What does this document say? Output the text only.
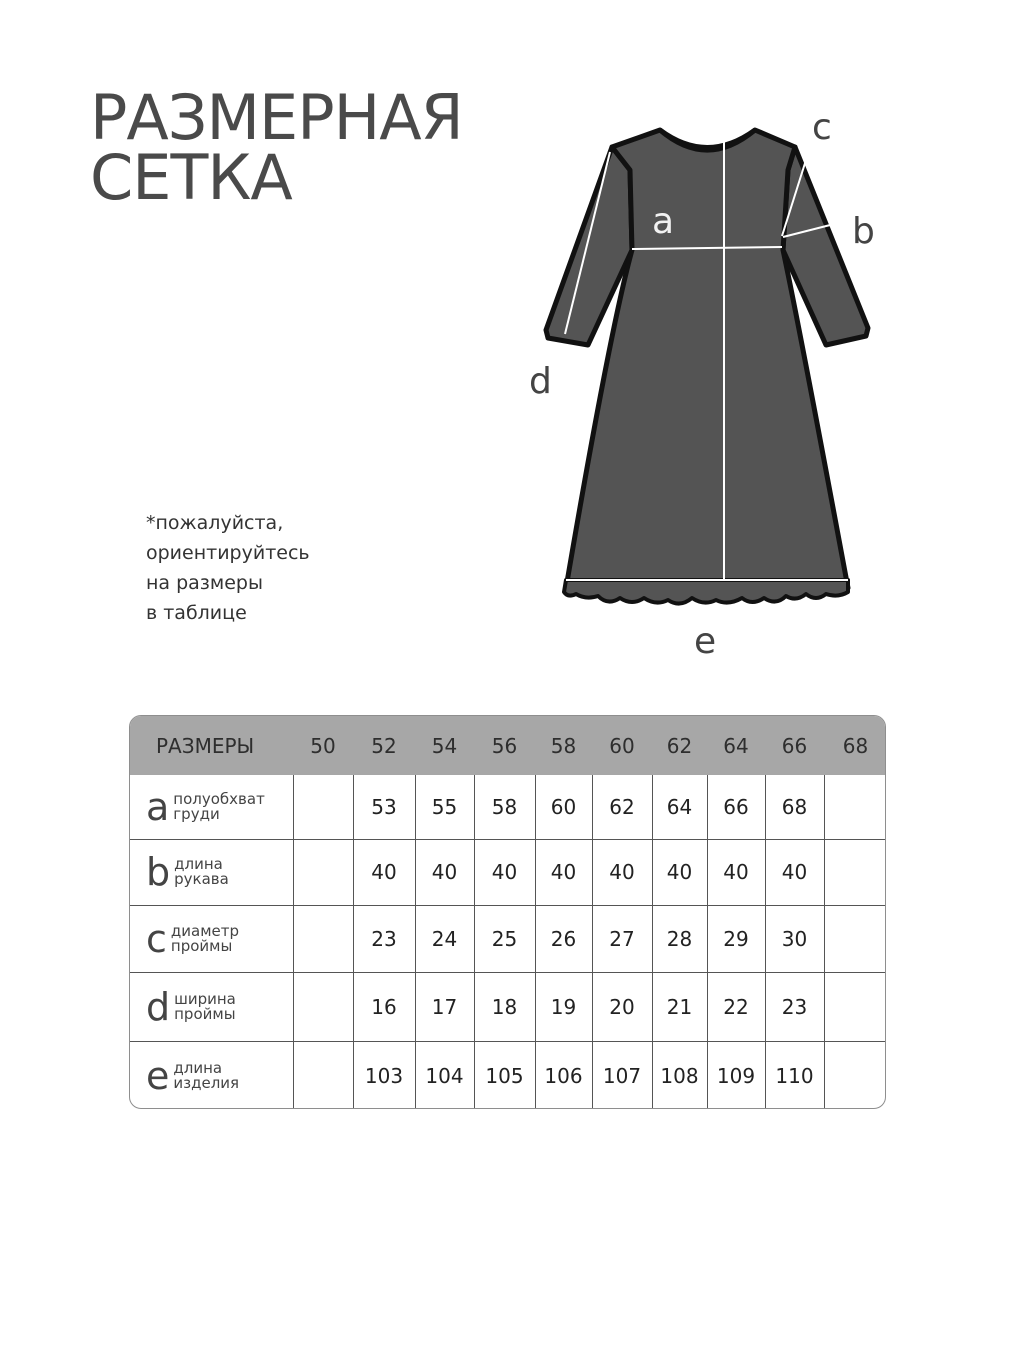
РАЗМЕРНАЯ
СЕТКА
*пожалуйста,
ориентируйтесь
на размеры
в таблице
a	b
c
d
e
РАЗМЕРЫ	50	52	54	56	58	60	62	64	66	68
a полуобхват
груди		53	55	58	60	62	64	66	68	
b длина
рукава		40	40	40	40	40	40	40	40	
c диаметр
проймы		23	24	25	26	27	28	29	30	
d ширина
проймы		16	17	18	19	20	21	22	23	
e длина
изделия		103	104	105	106	107	108	109	110	
